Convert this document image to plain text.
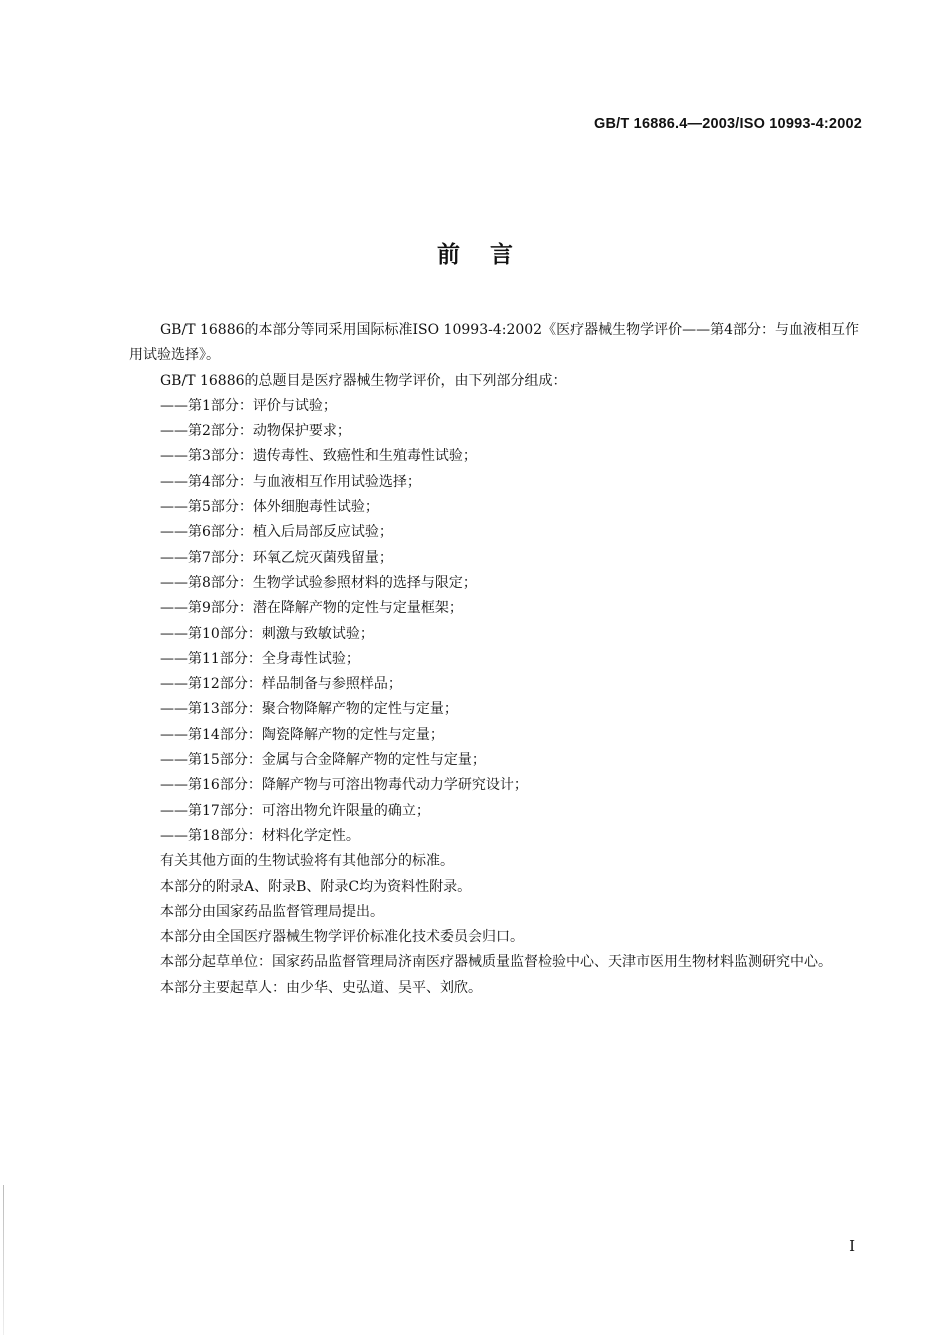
GB/T 16886.4—2003/ISO 10993-4:2002
前言

GB/T 16886的本部分等同采用国际标准ISO 10993-4:2002《医疗器械生物学评价——第4部分：与血液相互作用试验选择》。

GB/T 16886的总题目是医疗器械生物学评价，由下列部分组成：

——第1部分：评价与试验；

——第2部分：动物保护要求；

——第3部分：遗传毒性、致癌性和生殖毒性试验；

——第4部分：与血液相互作用试验选择；

——第5部分：体外细胞毒性试验；

——第6部分：植入后局部反应试验；

——第7部分：环氧乙烷灭菌残留量；

——第8部分：生物学试验参照材料的选择与限定；

——第9部分：潜在降解产物的定性与定量框架；

——第10部分：刺激与致敏试验；

——第11部分：全身毒性试验；

——第12部分：样品制备与参照样品；

——第13部分：聚合物降解产物的定性与定量；

——第14部分：陶瓷降解产物的定性与定量；

——第15部分：金属与合金降解产物的定性与定量；

——第16部分：降解产物与可溶出物毒代动力学研究设计；

——第17部分：可溶出物允许限量的确立；

——第18部分：材料化学定性。

有关其他方面的生物试验将有其他部分的标准。

本部分的附录A、附录B、附录C均为资料性附录。

本部分由国家药品监督管理局提出。

本部分由全国医疗器械生物学评价标准化技术委员会归口。

本部分起草单位：国家药品监督管理局济南医疗器械质量监督检验中心、天津市医用生物材料监测研究中心。

本部分主要起草人：由少华、史弘道、吴平、刘欣。

I
